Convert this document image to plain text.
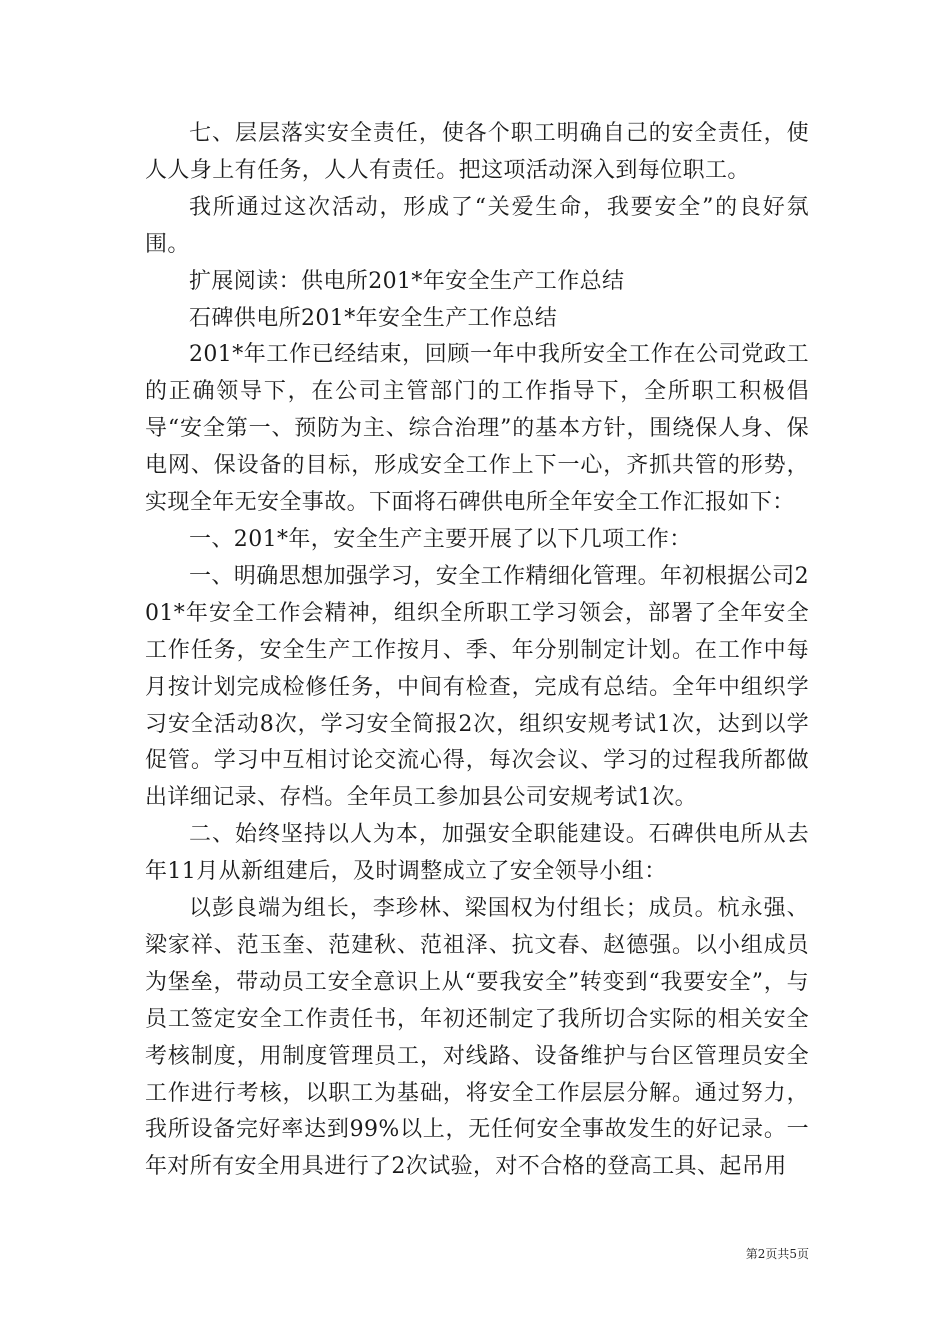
七、层层落实安全责任，使各个职工明确自己的安全责任，使人人身上有任务，人人有责任。把这项活动深入到每位职工。

我所通过这次活动，形成了“关爱生命，我要安全”的良好氛围。

扩展阅读：供电所201*年安全生产工作总结

石碑供电所201*年安全生产工作总结

201*年工作已经结束，回顾一年中我所安全工作在公司党政工的正确领导下，在公司主管部门的工作指导下，全所职工积极倡导“安全第一、预防为主、综合治理”的基本方针，围绕保人身、保电网、保设备的目标，形成安全工作上下一心，齐抓共管的形势，实现全年无安全事故。下面将石碑供电所全年安全工作汇报如下：

一、201*年，安全生产主要开展了以下几项工作：

一、明确思想加强学习，安全工作精细化管理。年初根据公司201*年安全工作会精神，组织全所职工学习领会，部署了全年安全工作任务，安全生产工作按月、季、年分别制定计划。在工作中每月按计划完成检修任务，中间有检查，完成有总结。全年中组织学习安全活动8次，学习安全简报2次，组织安规考试1次，达到以学促管。学习中互相讨论交流心得，每次会议、学习的过程我所都做出详细记录、存档。全年员工参加县公司安规考试1次。

二、始终坚持以人为本，加强安全职能建设。石碑供电所从去年11月从新组建后，及时调整成立了安全领导小组：

以彭良端为组长，李珍林、梁国权为付组长；成员。杭永强、梁家祥、范玉奎、范建秋、范祖泽、抗文春、赵德强。以小组成员为堡垒，带动员工安全意识上从“要我安全”转变到“我要安全”，与员工签定安全工作责任书，年初还制定了我所切合实际的相关安全考核制度，用制度管理员工，对线路、设备维护与台区管理员安全工作进行考核，以职工为基础，将安全工作层层分解。通过努力，我所设备完好率达到99%以上，无任何安全事故发生的好记录。一年对所有安全用具进行了2次试验，对不合格的登高工具、起吊用

第2页共5页
